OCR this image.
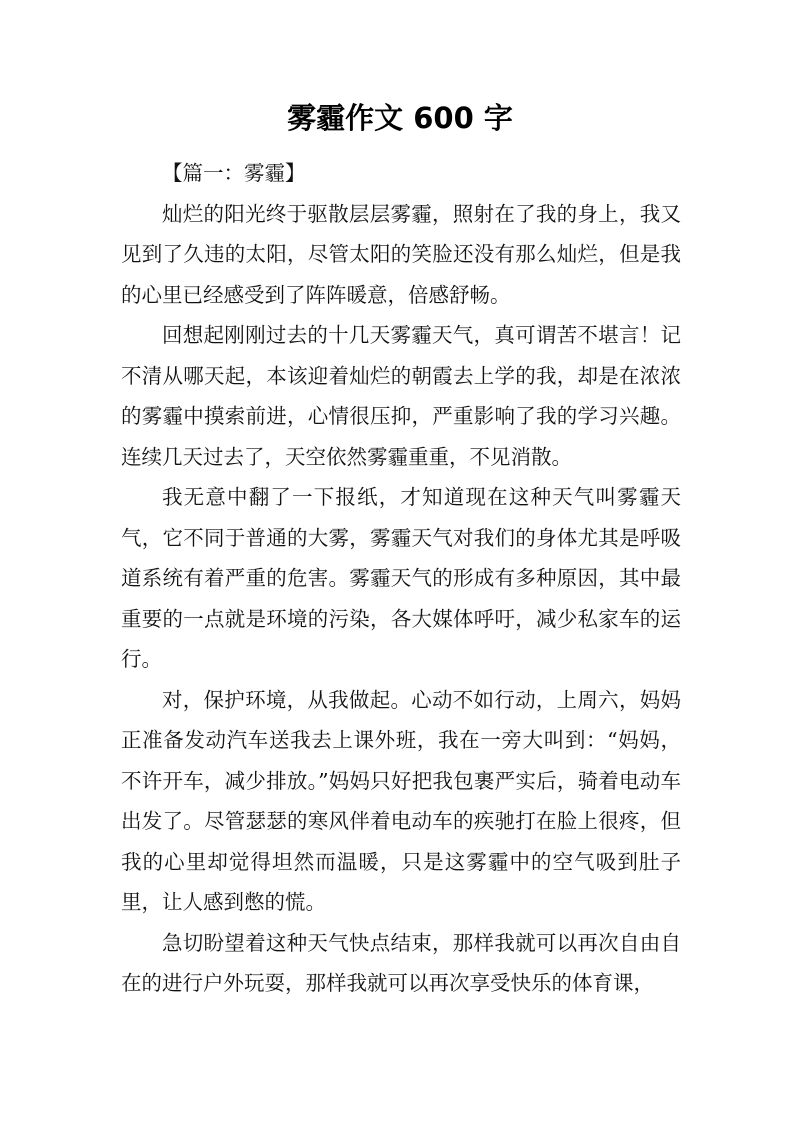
雾霾作文 600 字

【篇一：雾霾】

灿烂的阳光终于驱散层层雾霾，照射在了我的身上，我又见到了久违的太阳，尽管太阳的笑脸还没有那么灿烂，但是我的心里已经感受到了阵阵暖意，倍感舒畅。

回想起刚刚过去的十几天雾霾天气，真可谓苦不堪言！记不清从哪天起，本该迎着灿烂的朝霞去上学的我，却是在浓浓的雾霾中摸索前进，心情很压抑，严重影响了我的学习兴趣。连续几天过去了，天空依然雾霾重重，不见消散。

我无意中翻了一下报纸，才知道现在这种天气叫雾霾天气，它不同于普通的大雾，雾霾天气对我们的身体尤其是呼吸道系统有着严重的危害。雾霾天气的形成有多种原因，其中最重要的一点就是环境的污染，各大媒体呼吁，减少私家车的运行。

对，保护环境，从我做起。心动不如行动，上周六，妈妈正准备发动汽车送我去上课外班，我在一旁大叫到：“妈妈，不许开车，减少排放。”妈妈只好把我包裹严实后，骑着电动车出发了。尽管瑟瑟的寒风伴着电动车的疾驰打在脸上很疼，但我的心里却觉得坦然而温暖，只是这雾霾中的空气吸到肚子里，让人感到憋的慌。

急切盼望着这种天气快点结束，那样我就可以再次自由自在的进行户外玩耍，那样我就可以再次享受快乐的体育课，
